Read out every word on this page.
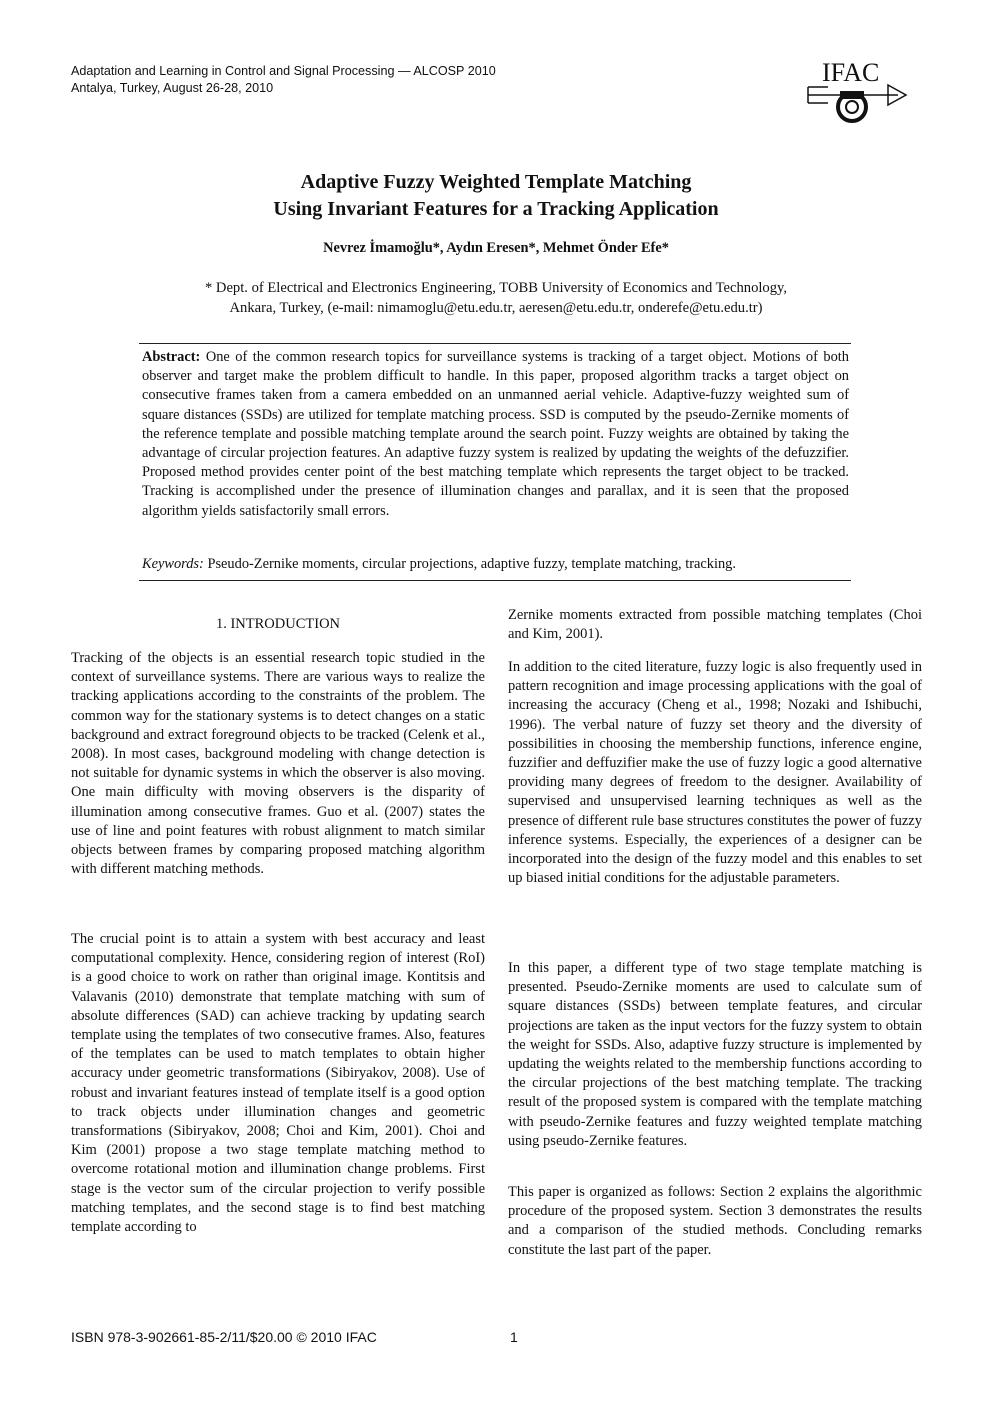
Adaptation and Learning in Control and Signal Processing — ALCOSP 2010
Antalya, Turkey, August 26-28, 2010
IFAC
Adaptive Fuzzy Weighted Template Matching
Using Invariant Features for a Tracking Application
Nevrez İmamoğlu*, Aydın Eresen*, Mehmet Önder Efe*
* Dept. of Electrical and Electronics Engineering, TOBB University of Economics and Technology,
Ankara, Turkey, (e-mail: nimamoglu@etu.edu.tr, aeresen@etu.edu.tr, onderefe@etu.edu.tr)

Abstract: One of the common research topics for surveillance systems is tracking of a target object. Motions of both observer and target make the problem difficult to handle. In this paper, proposed algorithm tracks a target object on consecutive frames taken from a camera embedded on an unmanned aerial vehicle. Adaptive-fuzzy weighted sum of square distances (SSDs) are utilized for template matching process. SSD is computed by the pseudo-Zernike moments of the reference template and possible matching template around the search point. Fuzzy weights are obtained by taking the advantage of circular projection features. An adaptive fuzzy system is realized by updating the weights of the defuzzifier. Proposed method provides center point of the best matching template which represents the target object to be tracked. Tracking is accomplished under the presence of illumination changes and parallax, and it is seen that the proposed algorithm yields satisfactorily small errors.

Keywords: Pseudo-Zernike moments, circular projections, adaptive fuzzy, template matching, tracking.

1. INTRODUCTION

Tracking of the objects is an essential research topic studied in the context of surveillance systems. There are various ways to realize the tracking applications according to the constraints of the problem. The common way for the stationary systems is to detect changes on a static background and extract foreground objects to be tracked (Celenk et al., 2008). In most cases, background modeling with change detection is not suitable for dynamic systems in which the observer is also moving. One main difficulty with moving observers is the disparity of illumination among consecutive frames. Guo et al. (2007) states the use of line and point features with robust alignment to match similar objects between frames by comparing proposed matching algorithm with different matching methods.

The crucial point is to attain a system with best accuracy and least computational complexity. Hence, considering region of interest (RoI) is a good choice to work on rather than original image. Kontitsis and Valavanis (2010) demonstrate that template matching with sum of absolute differences (SAD) can achieve tracking by updating search template using the templates of two consecutive frames. Also, features of the templates can be used to match templates to obtain higher accuracy under geometric transformations (Sibiryakov, 2008). Use of robust and invariant features instead of template itself is a good option to track objects under illumination changes and geometric transformations (Sibiryakov, 2008; Choi and Kim, 2001). Choi and Kim (2001) propose a two stage template matching method to overcome rotational motion and illumination change problems. First stage is the vector sum of the circular projection to verify possible matching templates, and the second stage is to find best matching template according to

Zernike moments extracted from possible matching templates (Choi and Kim, 2001).

In addition to the cited literature, fuzzy logic is also frequently used in pattern recognition and image processing applications with the goal of increasing the accuracy (Cheng et al., 1998; Nozaki and Ishibuchi, 1996). The verbal nature of fuzzy set theory and the diversity of possibilities in choosing the membership functions, inference engine, fuzzifier and deffuzifier make the use of fuzzy logic a good alternative providing many degrees of freedom to the designer. Availability of supervised and unsupervised learning techniques as well as the presence of different rule base structures constitutes the power of fuzzy inference systems. Especially, the experiences of a designer can be incorporated into the design of the fuzzy model and this enables to set up biased initial conditions for the adjustable parameters.

In this paper, a different type of two stage template matching is presented. Pseudo-Zernike moments are used to calculate sum of square distances (SSDs) between template features, and circular projections are taken as the input vectors for the fuzzy system to obtain the weight for SSDs. Also, adaptive fuzzy structure is implemented by updating the weights related to the membership functions according to the circular projections of the best matching template. The tracking result of the proposed system is compared with the template matching with pseudo-Zernike features and fuzzy weighted template matching using pseudo-Zernike features.

This paper is organized as follows: Section 2 explains the algorithmic procedure of the proposed system. Section 3 demonstrates the results and a comparison of the studied methods. Concluding remarks constitute the last part of the paper.

ISBN 978-3-902661-85-2/11/$20.00 © 2010 IFAC	1
